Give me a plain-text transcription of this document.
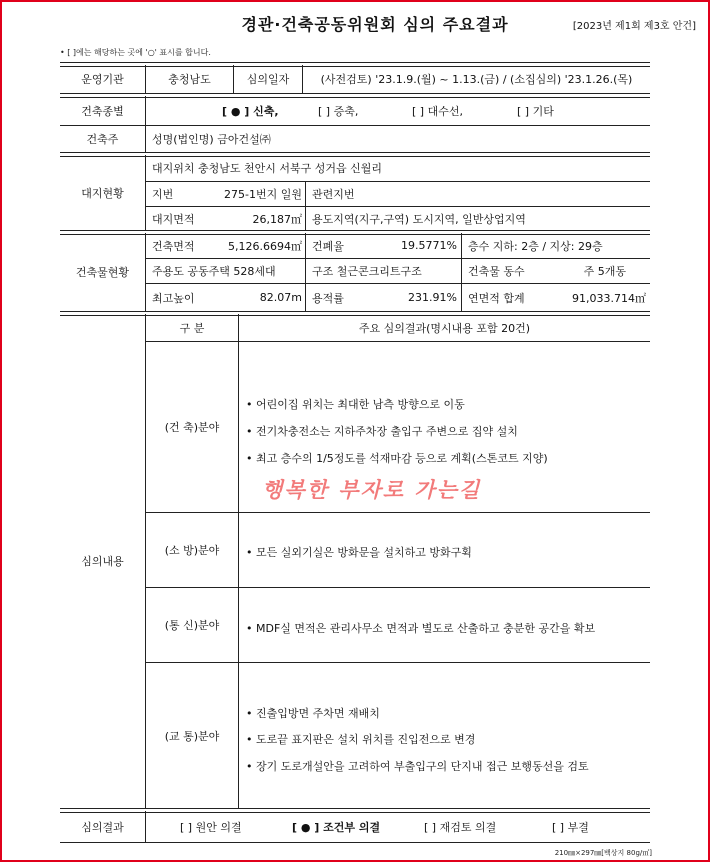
경관·건축공동위원회 심의 주요결과	[2023년 제1회 제3호 안건]
• [ ]에는 해당하는 곳에 '○' 표시를 합니다.
운영기관	충청남도	심의일자	(사전검토) '23.1.9.(월) ~ 1.13.(금) / (소집심의) '23.1.26.(목)
건축종별	[ ● ] 신축,	[ ] 증축,	[ ] 대수선,	[ ] 기타
건축주	성명(법인명) 금아건설㈜
대지현황
대지위치 충청남도 천안시 서북구 성거읍 신월리
지번	275-1번지 일원 관련지번
대지면적	26,187㎡ 용도지역(지구,구역) 도시지역, 일반상업지역
건축물현황
건축면적	5,126.6694㎡ 건폐율	19.5771%	층수 지하: 2층 / 지상: 29층
주용도 공동주택 528세대	구조 철근콘크리트구조	건축물 동수	주 5개동
최고높이	82.07m 용적률	231.91%	연면적 합계	91,033.714㎡
심의내용
구 분	주요 심의결과(명시내용 포함 20건)
(건 축)분야
• 어린이집 위치는 최대한 남측 방향으로 이동
• 전기차충전소는 지하주차장 출입구 주변으로 집약 설치
• 최고 층수의 1/5정도를 석재마감 등으로 계획(스톤코트 지양)
행복한 부자로 가는길
(소 방)분야	• 모든 실외기실은 방화문을 설치하고 방화구획
(통 신)분야	• MDF실 면적은 관리사무소 면적과 별도로 산출하고 충분한 공간을 확보
(교 통)분야
• 진출입방면 주차면 재배치
• 도로끝 표지판은 설치 위치를 진입전으로 변경
• 장기 도로개설안을 고려하여 부출입구의 단지내 접근 보행동선을 검토
심의결과	[ ] 원안 의결	[ ● ] 조건부 의결	[ ] 재검토 의결	[ ] 부결
210㎜×297㎜[백상지 80g/㎡]
